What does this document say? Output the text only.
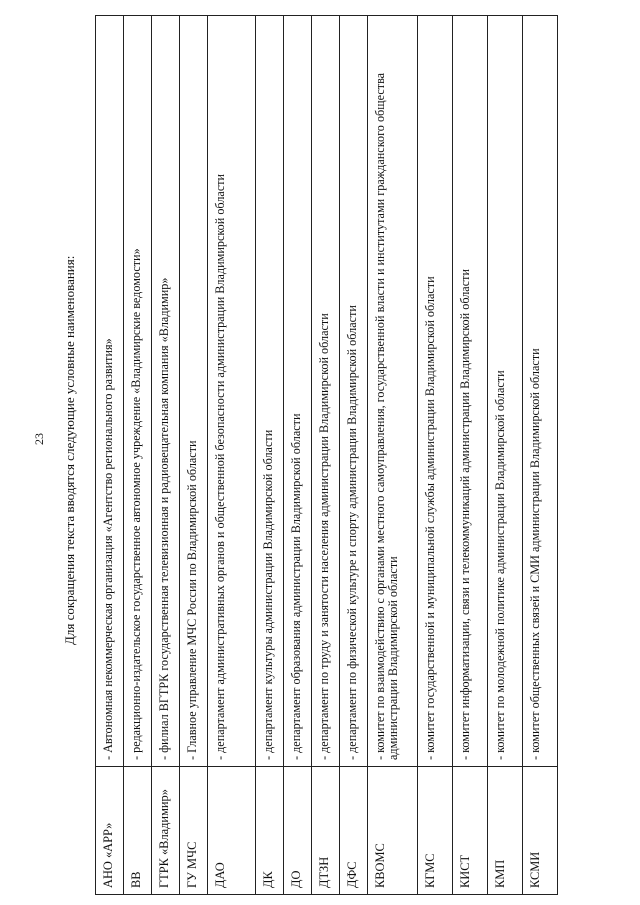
23 Для сокращения текста вводятся следующие условные наименования:
АНО «АРР»	- Автономная некоммерческая организация «Агентство регионального развития»
ВВ	- редакционно-издательское государственное автономное учреждение «Владимирские ведомости»
ГТРК «Владимир»	- филиал ВГТРК государственная телевизионная и радиовещательная компания «Владимир»
ГУ МЧС	- Главное управление МЧС России по Владимирской области
ДАО	- департамент административных органов и общественной безопасности администрации Владимирской области
ДК	- департамент культуры администрации Владимирской области
ДО	- департамент образования администрации Владимирской области
ДТЗН	- департамент по труду и занятости населения администрации Владимирской области
ДФС	- департамент по физической культуре и спорту администрации Владимирской области
КВОМС	- комитет по взаимодействию с органами местного самоуправления, государственной власти и институтами гражданского общества администрации Владимирской области
КГМС	- комитет государственной и муниципальной службы администрации Владимирской области
КИСТ	- комитет информатизации, связи и телекоммуникаций администрации Владимирской области
КМП	- комитет по молодежной политике администрации Владимирской области
КСМИ	- комитет общественных связей и СМИ администрации Владимирской области
